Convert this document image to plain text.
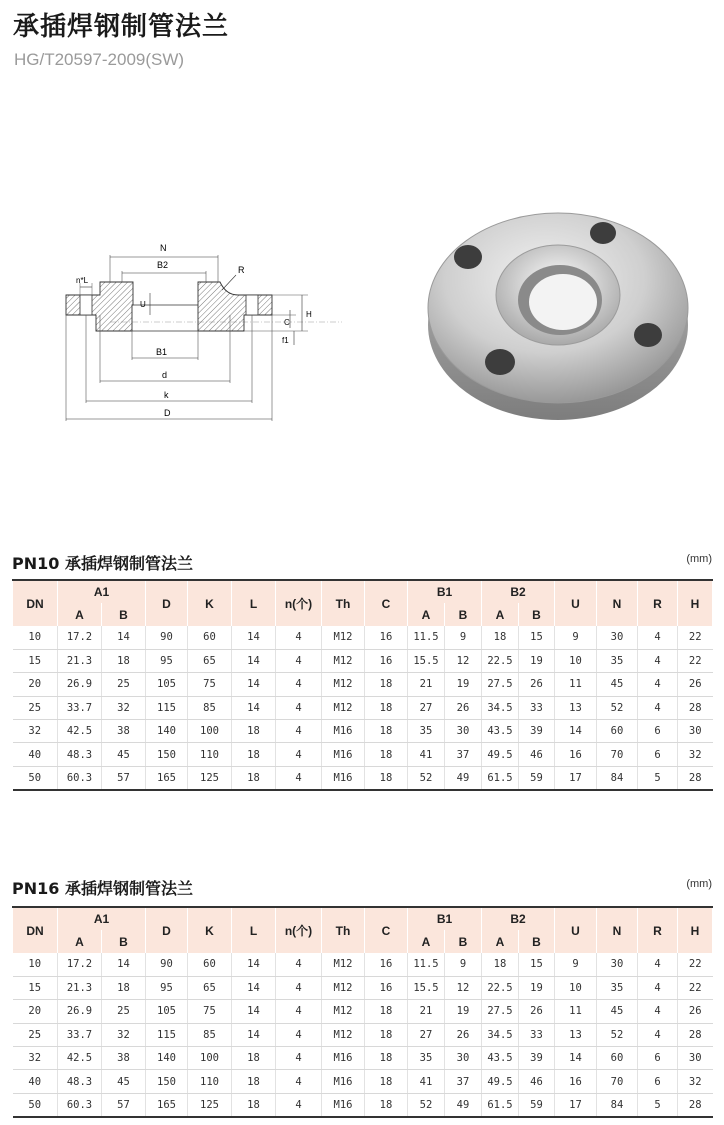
承插焊钢制管法兰
HG/T20597-2009(SW)
N
B2	R
n*L
U
C
H
f1
B1
d
k
D
PN10 承插焊钢制管法兰	(mm)
DN	A1		D	K	L	n(个)	Th	C	B1		B2		U	N	R	H
	A	B							A	B	A	B				
10	17.2	14	90	60	14	4	M12	16	11.5	9	18	15	9	30	4	22
15	21.3	18	95	65	14	4	M12	16	15.5	12	22.5	19	10	35	4	22
20	26.9	25	105	75	14	4	M12	18	21	19	27.5	26	11	45	4	26
25	33.7	32	115	85	14	4	M12	18	27	26	34.5	33	13	52	4	28
32	42.5	38	140	100	18	4	M16	18	35	30	43.5	39	14	60	6	30
40	48.3	45	150	110	18	4	M16	18	41	37	49.5	46	16	70	6	32
50	60.3	57	165	125	18	4	M16	18	52	49	61.5	59	17	84	5	28
PN16 承插焊钢制管法兰	(mm)
DN	A1		D	K	L	n(个)	Th	C	B1		B2		U	N	R	H
	A	B							A	B	A	B				
10	17.2	14	90	60	14	4	M12	16	11.5	9	18	15	9	30	4	22
15	21.3	18	95	65	14	4	M12	16	15.5	12	22.5	19	10	35	4	22
20	26.9	25	105	75	14	4	M12	18	21	19	27.5	26	11	45	4	26
25	33.7	32	115	85	14	4	M12	18	27	26	34.5	33	13	52	4	28
32	42.5	38	140	100	18	4	M16	18	35	30	43.5	39	14	60	6	30
40	48.3	45	150	110	18	4	M16	18	41	37	49.5	46	16	70	6	32
50	60.3	57	165	125	18	4	M16	18	52	49	61.5	59	17	84	5	28
